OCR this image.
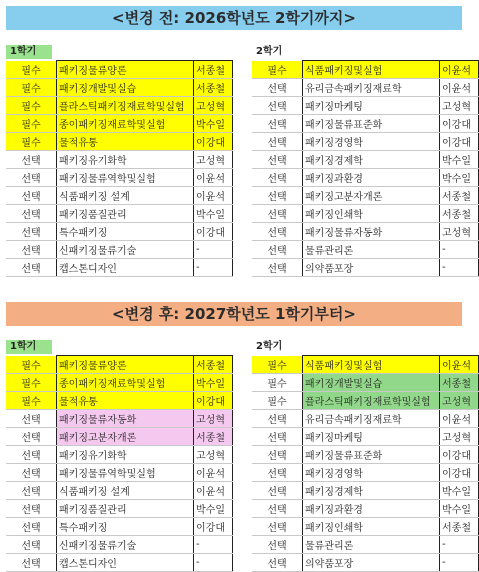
<변경 전: 2026학년도 2학기까지>
1학기	2학기
필수	패키징물류양론	서종철
필수	패키징개발및실습	서종철
필수	플라스틱패키징재료학및실험	고성혁
필수	종이패키징재료학및실험	박수일
필수	물적유통	이강대
선택	패키징유기화학	고성혁
선택	패키징물류역학및실험	이윤석
선택	식품패키징 설계	이윤석
선택	패키징품질관리	박수일
선택	특수패키징	이강대
선택	신패키징물류기술	-
선택	캡스톤디자인	-
필수	식품패키징및실험	이윤석
선택	유리금속패키징재료학	이윤석
선택	패키징마케팅	고성혁
선택	패키징물류표준화	이강대
선택	패키징경영학	이강대
선택	패키징경제학	박수일
선택	패키징과환경	박수일
선택	패키징고분자개론	서종철
선택	패키징인쇄학	서종철
선택	패키징물류자동화	고성혁
선택	물류관리론	-
선택	의약품포장	-
<변경 후: 2027학년도 1학기부터>
1학기	2학기
필수	패키징물류양론	서종철
필수	종이패키징재료학및실험	박수일
필수	물적유통	이강대
선택	패키징물류자동화	고성혁
선택	패키징고분자개론	서종철
선택	패키징유기화학	고성혁
선택	패키징물류역학및실험	이윤석
선택	식품패키징 설계	이윤석
선택	패키징품질관리	박수일
선택	특수패키징	이강대
선택	신패키징물류기술	-
선택	캡스톤디자인	-
필수	식품패키징및실험	이윤석
필수	패키징개발및실습	서종철
필수	플라스틱패키징재료학및실험	고성혁
선택	유리금속패키징재료학	이윤석
선택	패키징마케팅	고성혁
선택	패키징물류표준화	이강대
선택	패키징경영학	이강대
선택	패키징경제학	박수일
선택	패키징과환경	박수일
선택	패키징인쇄학	서종철
선택	물류관리론	-
선택	의약품포장	-
